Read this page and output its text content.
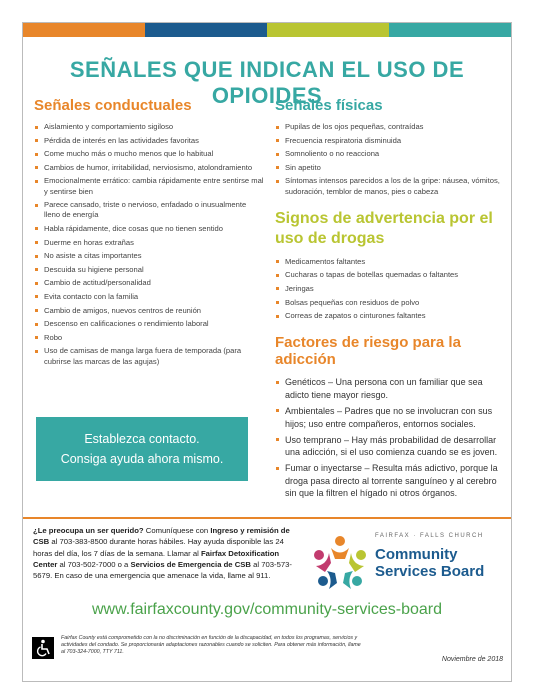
SEÑALES QUE INDICAN EL USO DE OPIOIDES
Señales conductuales
Aislamiento y comportamiento sigiloso
Pérdida de interés en las actividades favoritas
Come mucho más o mucho menos que lo habitual
Cambios de humor, irritabilidad, nerviosismo, atolondramiento
Emocionalmente errático: cambia rápidamente entre sentirse mal y sentirse bien
Parece cansado, triste o nervioso, enfadado o inusualmente lleno de energía
Habla rápidamente, dice cosas que no tienen sentido
Duerme en horas extrañas
No asiste a citas importantes
Descuida su higiene personal
Cambio de actitud/personalidad
Evita contacto con la familia
Cambio de amigos, nuevos centros de reunión
Descenso en calificaciones o rendimiento laboral
Robo
Uso de camisas de manga larga fuera de temporada (para cubrirse las marcas de las agujas)
Señales físicas
Pupilas de los ojos pequeñas, contraídas
Frecuencia respiratoria disminuida
Somnoliento o no reacciona
Sin apetito
Síntomas intensos parecidos a los de la gripe: náusea, vómitos, sudoración, temblor de manos, pies o cabeza
Signos de advertencia por el uso de drogas
Medicamentos faltantes
Cucharas o tapas de botellas quemadas o faltantes
Jeringas
Bolsas pequeñas con residuos de polvo
Correas de zapatos o cinturones faltantes
Factores de riesgo para la adicción
Genéticos – Una persona con un familiar que sea adicto tiene mayor riesgo.
Ambientales – Padres que no se involucran con sus hijos; uso entre compañeros, entornos sociales.
Uso temprano – Hay más probabilidad de desarrollar una adicción, si el uso comienza cuando se es joven.
Fumar o inyectarse – Resulta más adictivo, porque la droga pasa directo al torrente sanguíneo y al cerebro sin que la filtren el hígado ni otros órganos.
Establezca contacto.
Consiga ayuda ahora mismo.

¿Le preocupa un ser querido? Comuníquese con Ingreso y remisión de CSB al 703-383-8500 durante horas hábiles. Hay ayuda disponible las 24 horas del día, los 7 días de la semana. Llamar al Fairfax Detoxification Center al 703-502-7000 o a Servicios de Emergencia de CSB al 703-573-5679. En caso de una emergencia que amenace la vida, llame al 911.

FAIRFAX · FALLS CHURCH
Community
Services Board
www.fairfaxcounty.gov/community-services-board

Fairfax County está comprometido con la no discriminación en función de la discapacidad, en todos los programas, servicios y actividades del condado. Se proporcionarán adaptaciones razonables cuando se soliciten. Para obtener más información, llame al 703-324-7000, TTY 711.

Noviembre de 2018
